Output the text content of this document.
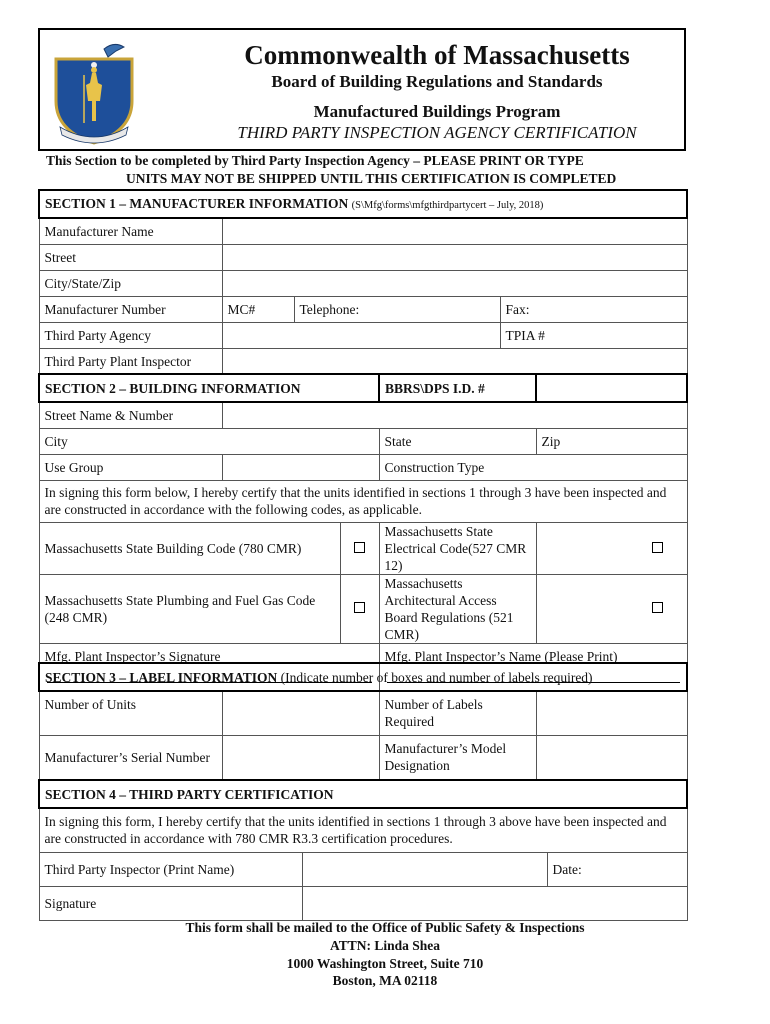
Commonwealth of Massachusetts
Board of Building Regulations and Standards
Manufactured Buildings Program
THIRD PARTY INSPECTION AGENCY CERTIFICATION
This Section to be completed by Third Party Inspection Agency – PLEASE PRINT OR TYPE
UNITS MAY NOT BE SHIPPED UNTIL THIS CERTIFICATION IS COMPLETED
SECTION 1 – MANUFACTURER INFORMATION (S\Mfg\forms\mfgthirdpartycert – July, 2018)			
Manufacturer Name			
Street			
City/State/Zip			
Manufacturer Number	MC#	Telephone:	Fax:
Third Party Agency			TPIA #
Third Party Plant Inspector			
SECTION 2 – BUILDING INFORMATION			BBRS\DPS I.D. #	
Street Name & Number				
City			State	Zip
Use Group			Construction Type	
In signing this form below, I hereby certify that the units identified in sections 1 through 3 have been inspected and are constructed in accordance with the following codes, as applicable.				
Massachusetts State Building Code (780 CMR)			Massachusetts State Electrical Code(527 CMR 12)	
Massachusetts State Plumbing and Fuel Gas Code (248 CMR)			Massachusetts Architectural Access Board Regulations (521 CMR)	

Mfg. Plant Inspector’s Signature			Mfg. Plant Inspector’s Name (Please Print)	
SECTION 3 – LABEL INFORMATION (Indicate number of boxes and number of labels required)			
Number of Units		Number of Labels Required	
Manufacturer’s Serial Number		Manufacturer’s Model Designation	
SECTION 4 – THIRD PARTY CERTIFICATION		
In signing this form, I hereby certify that the units identified in sections 1 through 3 above have been inspected and are constructed in accordance with 780 CMR R3.3 certification procedures.		
Third Party Inspector (Print Name)		Date:
Signature		
This form shall be mailed to the Office of Public Safety & Inspections
ATTN: Linda Shea
1000 Washington Street, Suite 710
Boston, MA 02118
